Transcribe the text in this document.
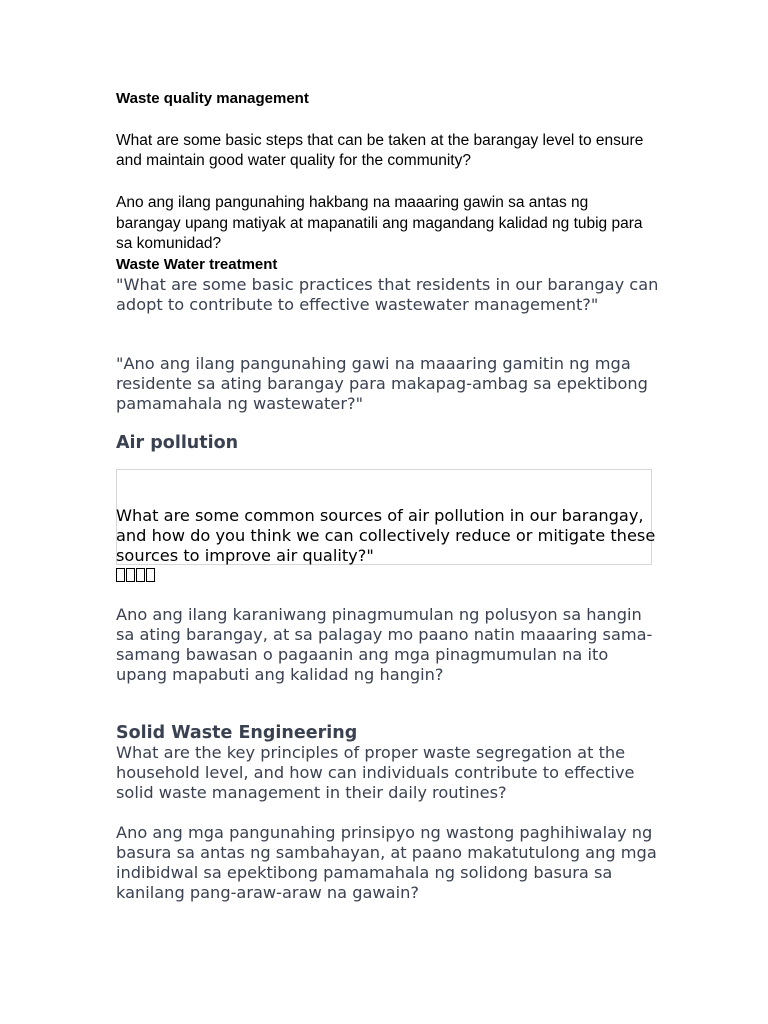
Waste quality management
What are some basic steps that can be taken at the barangay level to ensure and maintain good water quality for the community?
Ano ang ilang pangunahing hakbang na maaaring gawin sa antas ng barangay upang matiyak at mapanatili ang magandang kalidad ng tubig para sa komunidad?
Waste Water treatment

"What are some basic practices that residents in our barangay can adopt to contribute to effective wastewater management?"

"Ano ang ilang pangunahing gawi na maaaring gamitin ng mga residente sa ating barangay para makapag-ambag sa epektibong pamamahala ng wastewater?"

Air pollution
What are some common sources of air pollution in our barangay, and how do you think we can collectively reduce or mitigate these sources to improve air quality?"

Ano ang ilang karaniwang pinagmumulan ng polusyon sa hangin sa ating barangay, at sa palagay mo paano natin maaaring sama-samang bawasan o pagaanin ang mga pinagmumulan na ito upang mapabuti ang kalidad ng hangin?

Solid Waste Engineering

What are the key principles of proper waste segregation at the household level, and how can individuals contribute to effective solid waste management in their daily routines?

Ano ang mga pangunahing prinsipyo ng wastong paghihiwalay ng basura sa antas ng sambahayan, at paano makatutulong ang mga indibidwal sa epektibong pamamahala ng solidong basura sa kanilang pang-araw-araw na gawain?
